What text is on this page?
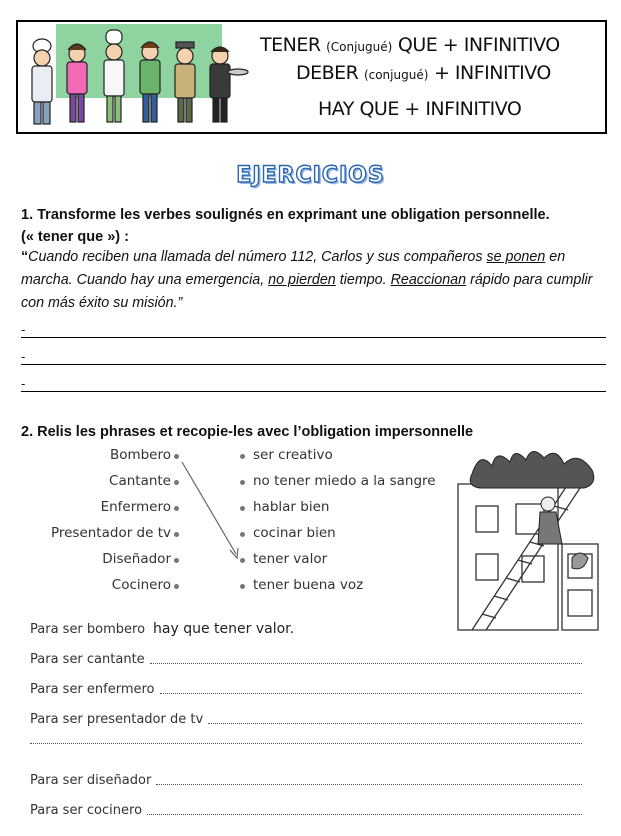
TENER (Conjugué) QUE + INFINITIVO
DEBER (conjugué) + INFINITIVO
HAY QUE + INFINITIVO
EJERCICIOS
1. Transforme les verbes soulignés en exprimant une obligation personnelle.
(« tener que ») :
“Cuando reciben una llamada del número 112, Carlos y sus compañeros se ponen en marcha. Cuando hay una emergencia, no pierden tiempo. Reaccionan rápido para cumplir con más éxito su misión.”
-
-
-
2. Relis les phrases et recopie-les avec l’obligation impersonnelle
Bombero
Cantante
Enfermero
Presentador de tv
Diseñador
Cocinero
ser creativo
no tener miedo a la sangre
hablar bien
cocinar bien
tener valor
tener buena voz
Para ser bombero hay que tener valor.
Para ser cantante
Para ser enfermero
Para ser presentador de tv
Para ser diseñador
Para ser cocinero
